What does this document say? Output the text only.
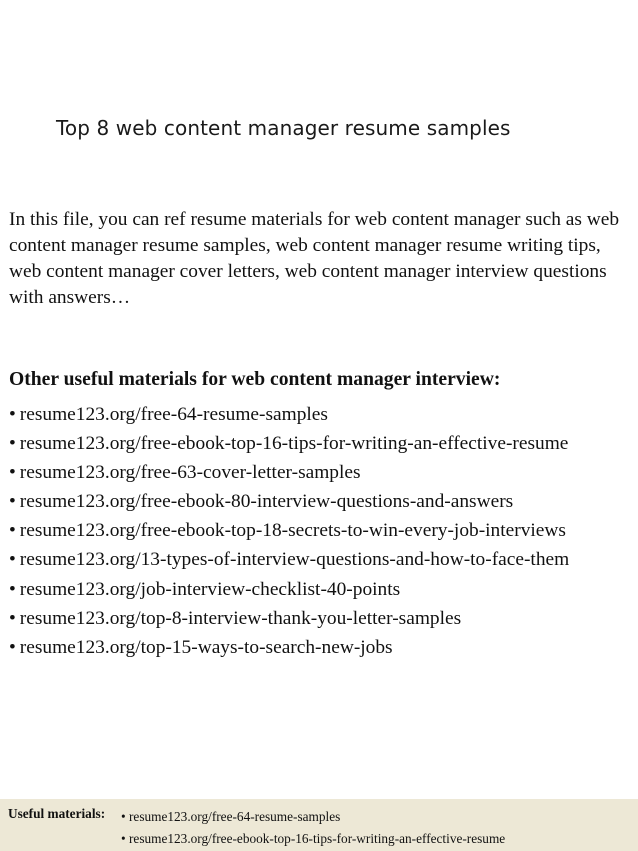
Top 8 web content manager resume samples

In this file, you can ref resume materials for web content manager such as web content manager resume samples, web content manager resume writing tips, web content manager cover letters, web content manager interview questions with answers…

Other useful materials for web content manager interview:

• resume123.org/free-64-resume-samples
• resume123.org/free-ebook-top-16-tips-for-writing-an-effective-resume
• resume123.org/free-63-cover-letter-samples
• resume123.org/free-ebook-80-interview-questions-and-answers
• resume123.org/free-ebook-top-18-secrets-to-win-every-job-interviews
• resume123.org/13-types-of-interview-questions-and-how-to-face-them
• resume123.org/job-interview-checklist-40-points
• resume123.org/top-8-interview-thank-you-letter-samples
• resume123.org/top-15-ways-to-search-new-jobs
Useful materials: • resume123.org/free-64-resume-samples
• resume123.org/free-ebook-top-16-tips-for-writing-an-effective-resume
